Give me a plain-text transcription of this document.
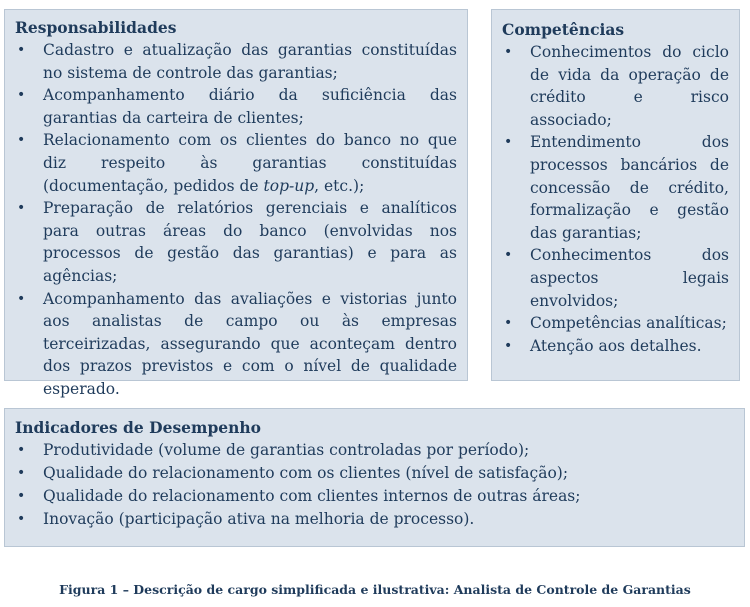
Responsabilidades

• Cadastro e atualização das garantias constituídas no sistema de controle das garantias;
• Acompanhamento diário da suficiência das garantias da carteira de clientes;
• Relacionamento com os clientes do banco no que diz respeito às garantias constituídas (documentação, pedidos de top-up, etc.);
• Preparação de relatórios gerenciais e analíticos para outras áreas do banco (envolvidas nos processos de gestão das garantias) e para as agências;
• Acompanhamento das avaliações e vistorias junto aos analistas de campo ou às empresas terceirizadas, assegurando que aconteçam dentro dos prazos previstos e com o nível de qualidade esperado.

Competências

• Conhecimentos do ciclo de vida da operação de crédito e risco associado;
• Entendimento dos processos bancários de concessão de crédito, formalização e gestão das garantias;
• Conhecimentos dos aspectos legais envolvidos;
• Competências analíticas;
• Atenção aos detalhes.

Indicadores de Desempenho

• Produtividade (volume de garantias controladas por período);
• Qualidade do relacionamento com os clientes (nível de satisfação);
• Qualidade do relacionamento com clientes internos de outras áreas;
• Inovação (participação ativa na melhoria de processo).
Figura 1 – Descrição de cargo simplificada e ilustrativa: Analista de Controle de Garantias
